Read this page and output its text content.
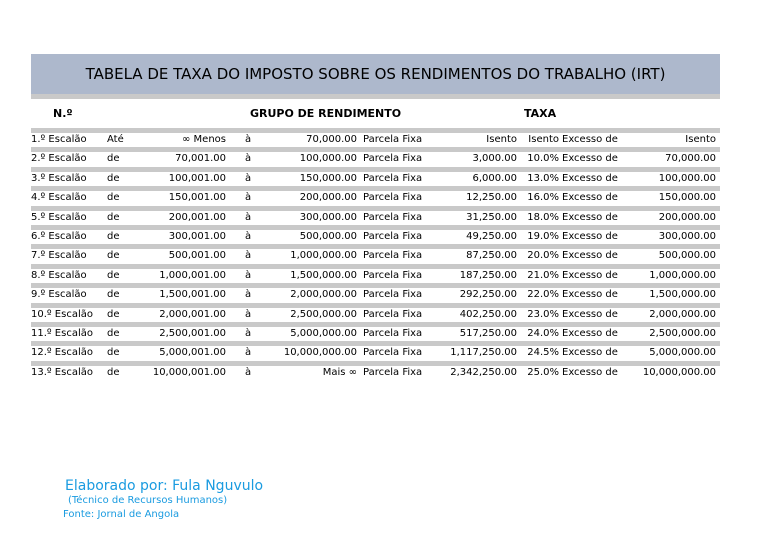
TABELA DE TAXA DO IMPOSTO SOBRE OS RENDIMENTOS DO TRABALHO (IRT)
N.º	GRUPO DE RENDIMENTO	TAXA
1.º Escalão	Até	∞ Menos à	70,000.00 Parcela Fixa	Isento	Isento Excesso de	Isento
2.º Escalão	de	70,001.00 à	100,000.00 Parcela Fixa	3,000.00	10.0% Excesso de	70,000.00
3.º Escalão	de	100,001.00 à	150,000.00 Parcela Fixa	6,000.00	13.0% Excesso de	100,000.00
4.º Escalão	de	150,001.00 à	200,000.00 Parcela Fixa	12,250.00	16.0% Excesso de	150,000.00
5.º Escalão	de	200,001.00 à	300,000.00 Parcela Fixa	31,250.00	18.0% Excesso de	200,000.00
6.º Escalão	de	300,001.00 à	500,000.00 Parcela Fixa	49,250.00	19.0% Excesso de	300,000.00
7.º Escalão	de	500,001.00 à	1,000,000.00 Parcela Fixa	87,250.00	20.0% Excesso de	500,000.00
8.º Escalão	de	1,000,001.00 à	1,500,000.00 Parcela Fixa	187,250.00	21.0% Excesso de	1,000,000.00
9.º Escalão	de	1,500,001.00 à	2,000,000.00 Parcela Fixa	292,250.00	22.0% Excesso de	1,500,000.00
10.º Escalão	de	2,000,001.00 à	2,500,000.00 Parcela Fixa	402,250.00	23.0% Excesso de	2,000,000.00
11.º Escalão	de	2,500,001.00 à	5,000,000.00 Parcela Fixa	517,250.00	24.0% Excesso de	2,500,000.00
12.º Escalão	de	5,000,001.00 à	10,000,000.00 Parcela Fixa	1,117,250.00	24.5% Excesso de	5,000,000.00
13.º Escalão	de	10,000,001.00 à	Mais ∞ Parcela Fixa	2,342,250.00	25.0% Excesso de	10,000,000.00
Elaborado por: Fula Nguvulo
(Técnico de Recursos Humanos)
Fonte: Jornal de Angola
